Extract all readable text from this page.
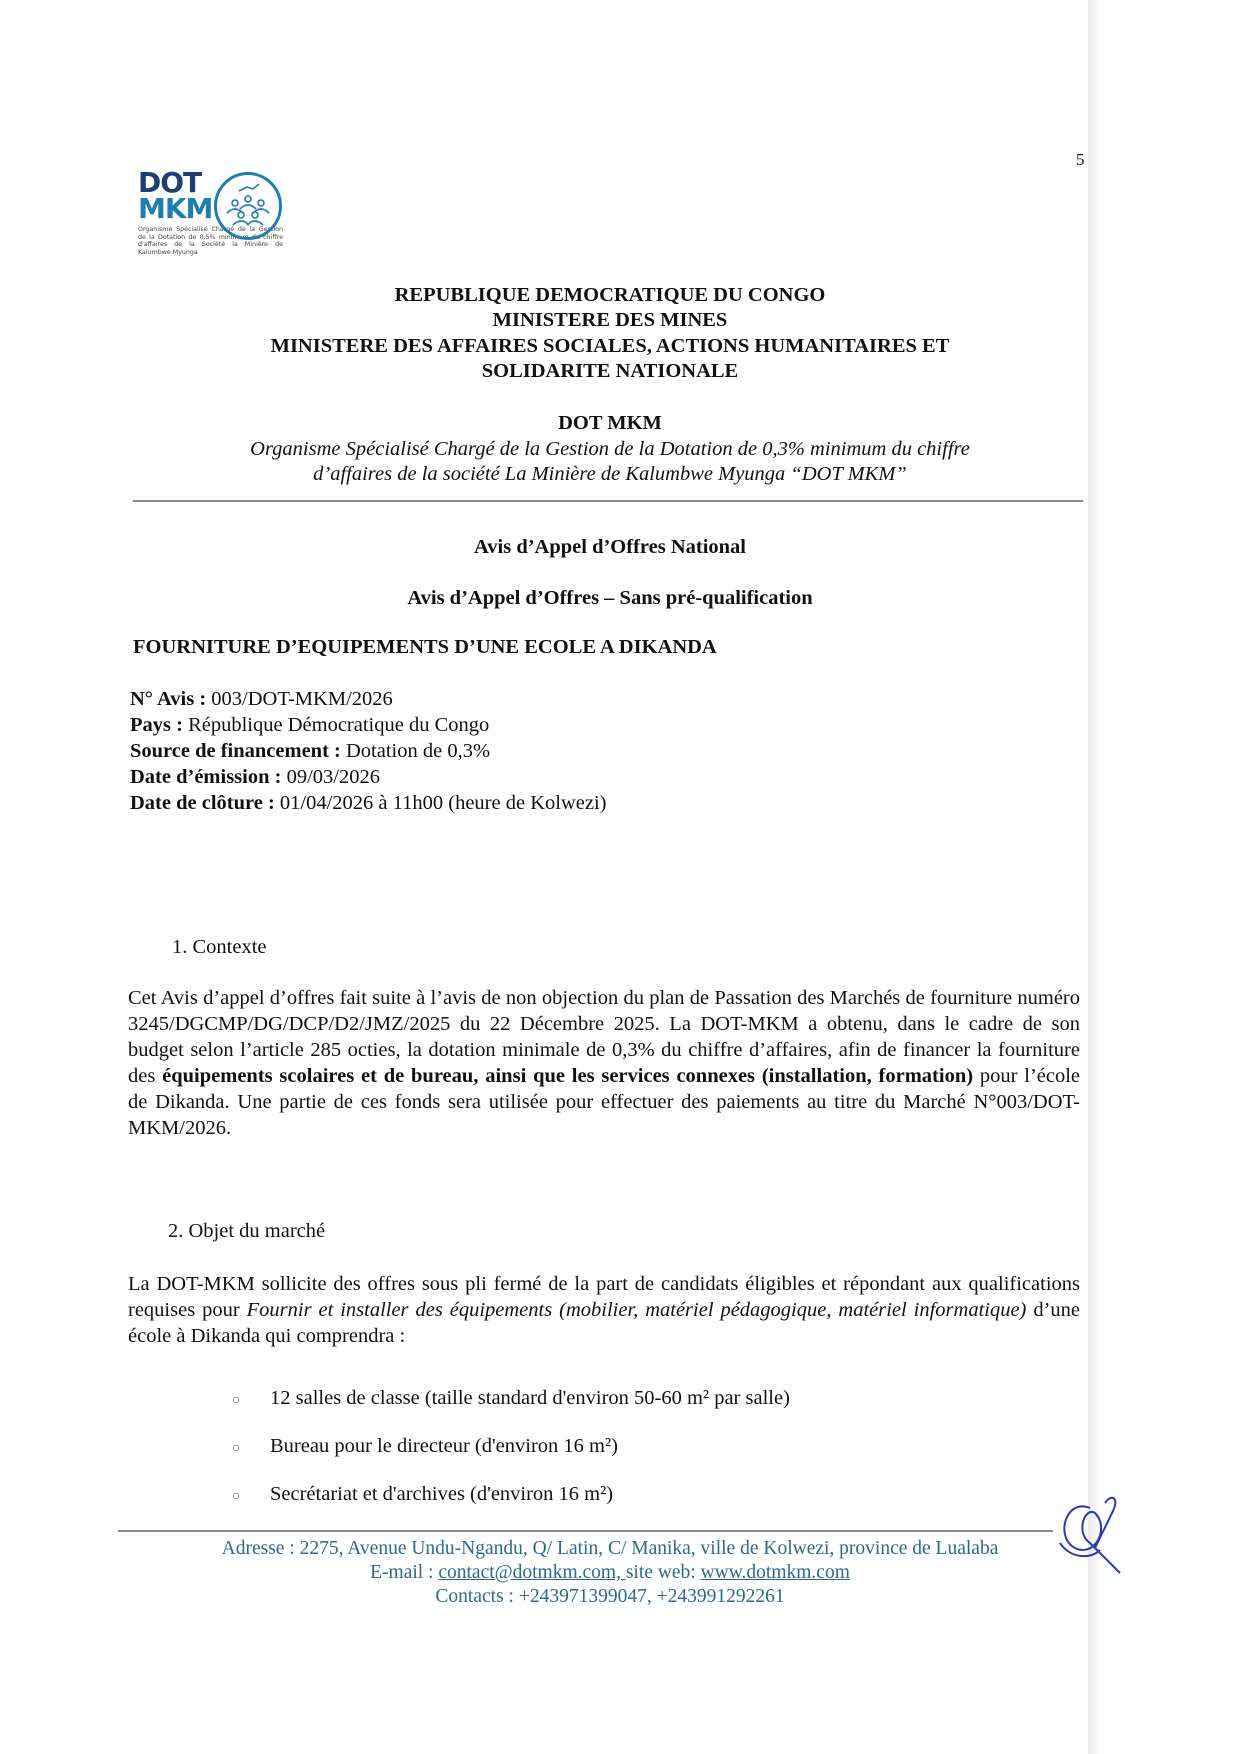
5
DOT
MKM
Organisme Spécialisé Chargé de la Gestion de la Dotation de 0,5% minimum du chiffre d'affaires de la Société la Minière de Kalumbwe Myunga
REPUBLIQUE DEMOCRATIQUE DU CONGO
MINISTERE DES MINES
MINISTERE DES AFFAIRES SOCIALES, ACTIONS HUMANITAIRES ET
SOLIDARITE NATIONALE
DOT MKM
Organisme Spécialisé Chargé de la Gestion de la Dotation de 0,3% minimum du chiffre
d’affaires de la société La Minière de Kalumbwe Myunga “DOT MKM”
Avis d’Appel d’Offres National
Avis d’Appel d’Offres – Sans pré-qualification
FOURNITURE D’EQUIPEMENTS D’UNE ECOLE A DIKANDA
N° Avis : 003/DOT-MKM/2026
Pays : République Démocratique du Congo
Source de financement : Dotation de 0,3%
Date d’émission : 09/03/2026
Date de clôture : 01/04/2026 à 11h00 (heure de Kolwezi)
1. Contexte
Cet Avis d’appel d’offres fait suite à l’avis de non objection du plan de Passation des Marchés de fourniture numéro 3245/DGCMP/DG/DCP/D2/JMZ/2025 du 22 Décembre 2025. La DOT-MKM a obtenu, dans le cadre de son budget selon l’article 285 octies, la dotation minimale de 0,3% du chiffre d’affaires, afin de financer la fourniture des équipements scolaires et de bureau, ainsi que les services connexes (installation, formation) pour l’école de Dikanda. Une partie de ces fonds sera utilisée pour effectuer des paiements au titre du Marché N°003/DOT-MKM/2026.
2. Objet du marché
La DOT-MKM sollicite des offres sous pli fermé de la part de candidats éligibles et répondant aux qualifications requises pour Fournir et installer des équipements (mobilier, matériel pédagogique, matériel informatique) d’une école à Dikanda qui comprendra :
○ 12 salles de classe (taille standard d'environ 50-60 m² par salle)
○ Bureau pour le directeur (d'environ 16 m²)
○ Secrétariat et d'archives (d'environ 16 m²)
Adresse : 2275, Avenue Undu-Ngandu, Q/ Latin, C/ Manika, ville de Kolwezi, province de Lualaba
E-mail : contact@dotmkm.com, site web: www.dotmkm.com
Contacts : +243971399047, +243991292261
